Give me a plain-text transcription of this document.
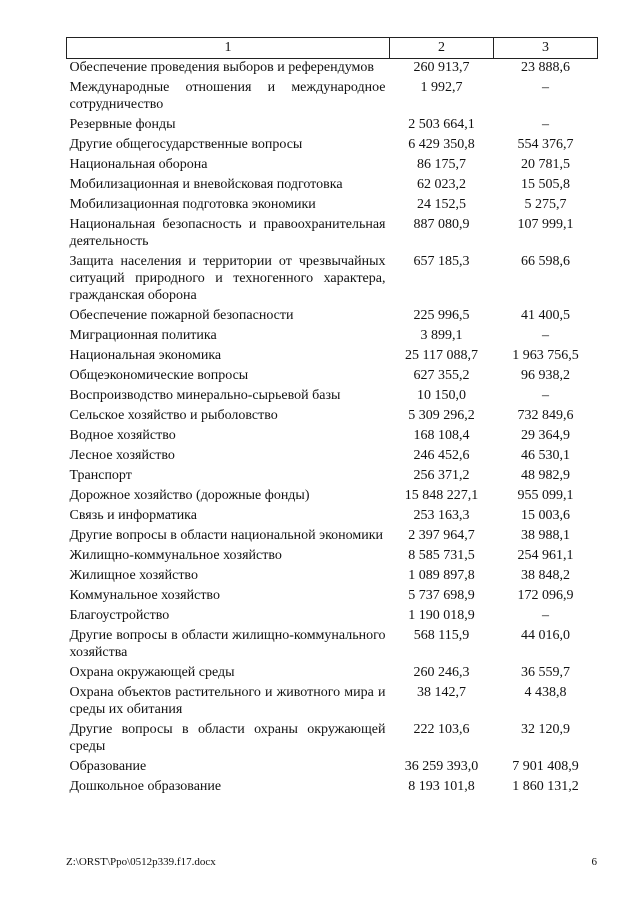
1	2	3
Обеспечение проведения выборов и референдумов	260 913,7	23 888,6
Международные отношения и международное сотрудничество	1 992,7	–
Резервные фонды	2 503 664,1	–
Другие общегосударственные вопросы	6 429 350,8	554 376,7
Национальная оборона	86 175,7	20 781,5
Мобилизационная и вневойсковая подготовка	62 023,2	15 505,8
Мобилизационная подготовка экономики	24 152,5	5 275,7
Национальная безопасность и правоохранительная деятельность	887 080,9	107 999,1
Защита населения и территории от чрезвычайных ситуаций природного и техногенного характера, гражданская оборона	657 185,3	66 598,6
Обеспечение пожарной безопасности	225 996,5	41 400,5
Миграционная политика	3 899,1	–
Национальная экономика	25 117 088,7	1 963 756,5
Общеэкономические вопросы	627 355,2	96 938,2
Воспроизводство минерально-сырьевой базы	10 150,0	–
Сельское хозяйство и рыболовство	5 309 296,2	732 849,6
Водное хозяйство	168 108,4	29 364,9
Лесное хозяйство	246 452,6	46 530,1
Транспорт	256 371,2	48 982,9
Дорожное хозяйство (дорожные фонды)	15 848 227,1	955 099,1
Связь и информатика	253 163,3	15 003,6
Другие вопросы в области национальной экономики	2 397 964,7	38 988,1
Жилищно-коммунальное хозяйство	8 585 731,5	254 961,1
Жилищное хозяйство	1 089 897,8	38 848,2
Коммунальное хозяйство	5 737 698,9	172 096,9
Благоустройство	1 190 018,9	–
Другие вопросы в области жилищно-коммунального хозяйства	568 115,9	44 016,0
Охрана окружающей среды	260 246,3	36 559,7
Охрана объектов растительного и животного мира и среды их обитания	38 142,7	4 438,8
Другие вопросы в области охраны окружающей среды	222 103,6	32 120,9
Образование	36 259 393,0	7 901 408,9
Дошкольное образование	8 193 101,8	1 860 131,2
Z:\ORST\Ppo\0512p339.f17.docx	6
